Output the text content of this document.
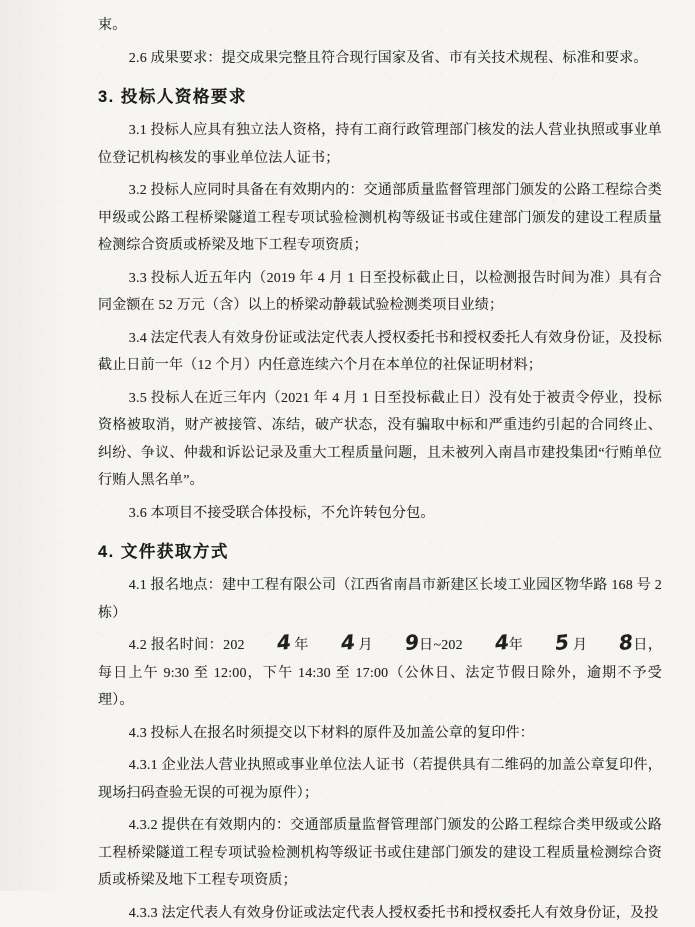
束。

2.6 成果要求：提交成果完整且符合现行国家及省、市有关技术规程、标准和要求。

3. 投标人资格要求

3.1 投标人应具有独立法人资格，持有工商行政管理部门核发的法人营业执照或事业单位登记机构核发的事业单位法人证书；

3.2 投标人应同时具备在有效期内的：交通部质量监督管理部门颁发的公路工程综合类甲级或公路工程桥梁隧道工程专项试验检测机构等级证书或住建部门颁发的建设工程质量检测综合资质或桥梁及地下工程专项资质；

3.3 投标人近五年内（2019 年 4 月 1 日至投标截止日，以检测报告时间为准）具有合同金额在 52 万元（含）以上的桥梁动静载试验检测类项目业绩；

3.4 法定代表人有效身份证或法定代表人授权委托书和授权委托人有效身份证，及投标截止日前一年（12 个月）内任意连续六个月在本单位的社保证明材料；

3.5 投标人在近三年内（2021 年 4 月 1 日至投标截止日）没有处于被责令停业，投标资格被取消，财产被接管、冻结，破产状态，没有骗取中标和严重违约引起的合同终止、纠纷、争议、仲裁和诉讼记录及重大工程质量问题，且未被列入南昌市建投集团“行贿单位行贿人黑名单”。

3.6 本项目不接受联合体投标，不允许转包分包。

4. 文件获取方式

4.1 报名地点：建中工程有限公司（江西省南昌市新建区长堎工业园区物华路 168 号 2 栋）

4.2 报名时间：202 4 年 4 月 9日~202 4年 5 月 8日，每日上午 9:30 至 12:00，下午 14:30 至 17:00（公休日、法定节假日除外，逾期不予受理）。

4.3 投标人在报名时须提交以下材料的原件及加盖公章的复印件：

4.3.1 企业法人营业执照或事业单位法人证书（若提供具有二维码的加盖公章复印件，现场扫码查验无误的可视为原件）；

4.3.2 提供在有效期内的：交通部质量监督管理部门颁发的公路工程综合类甲级或公路工程桥梁隧道工程专项试验检测机构等级证书或住建部门颁发的建设工程质量检测综合资质或桥梁及地下工程专项资质；

4.3.3 法定代表人有效身份证或法定代表人授权委托书和授权委托人有效身份证，及投
